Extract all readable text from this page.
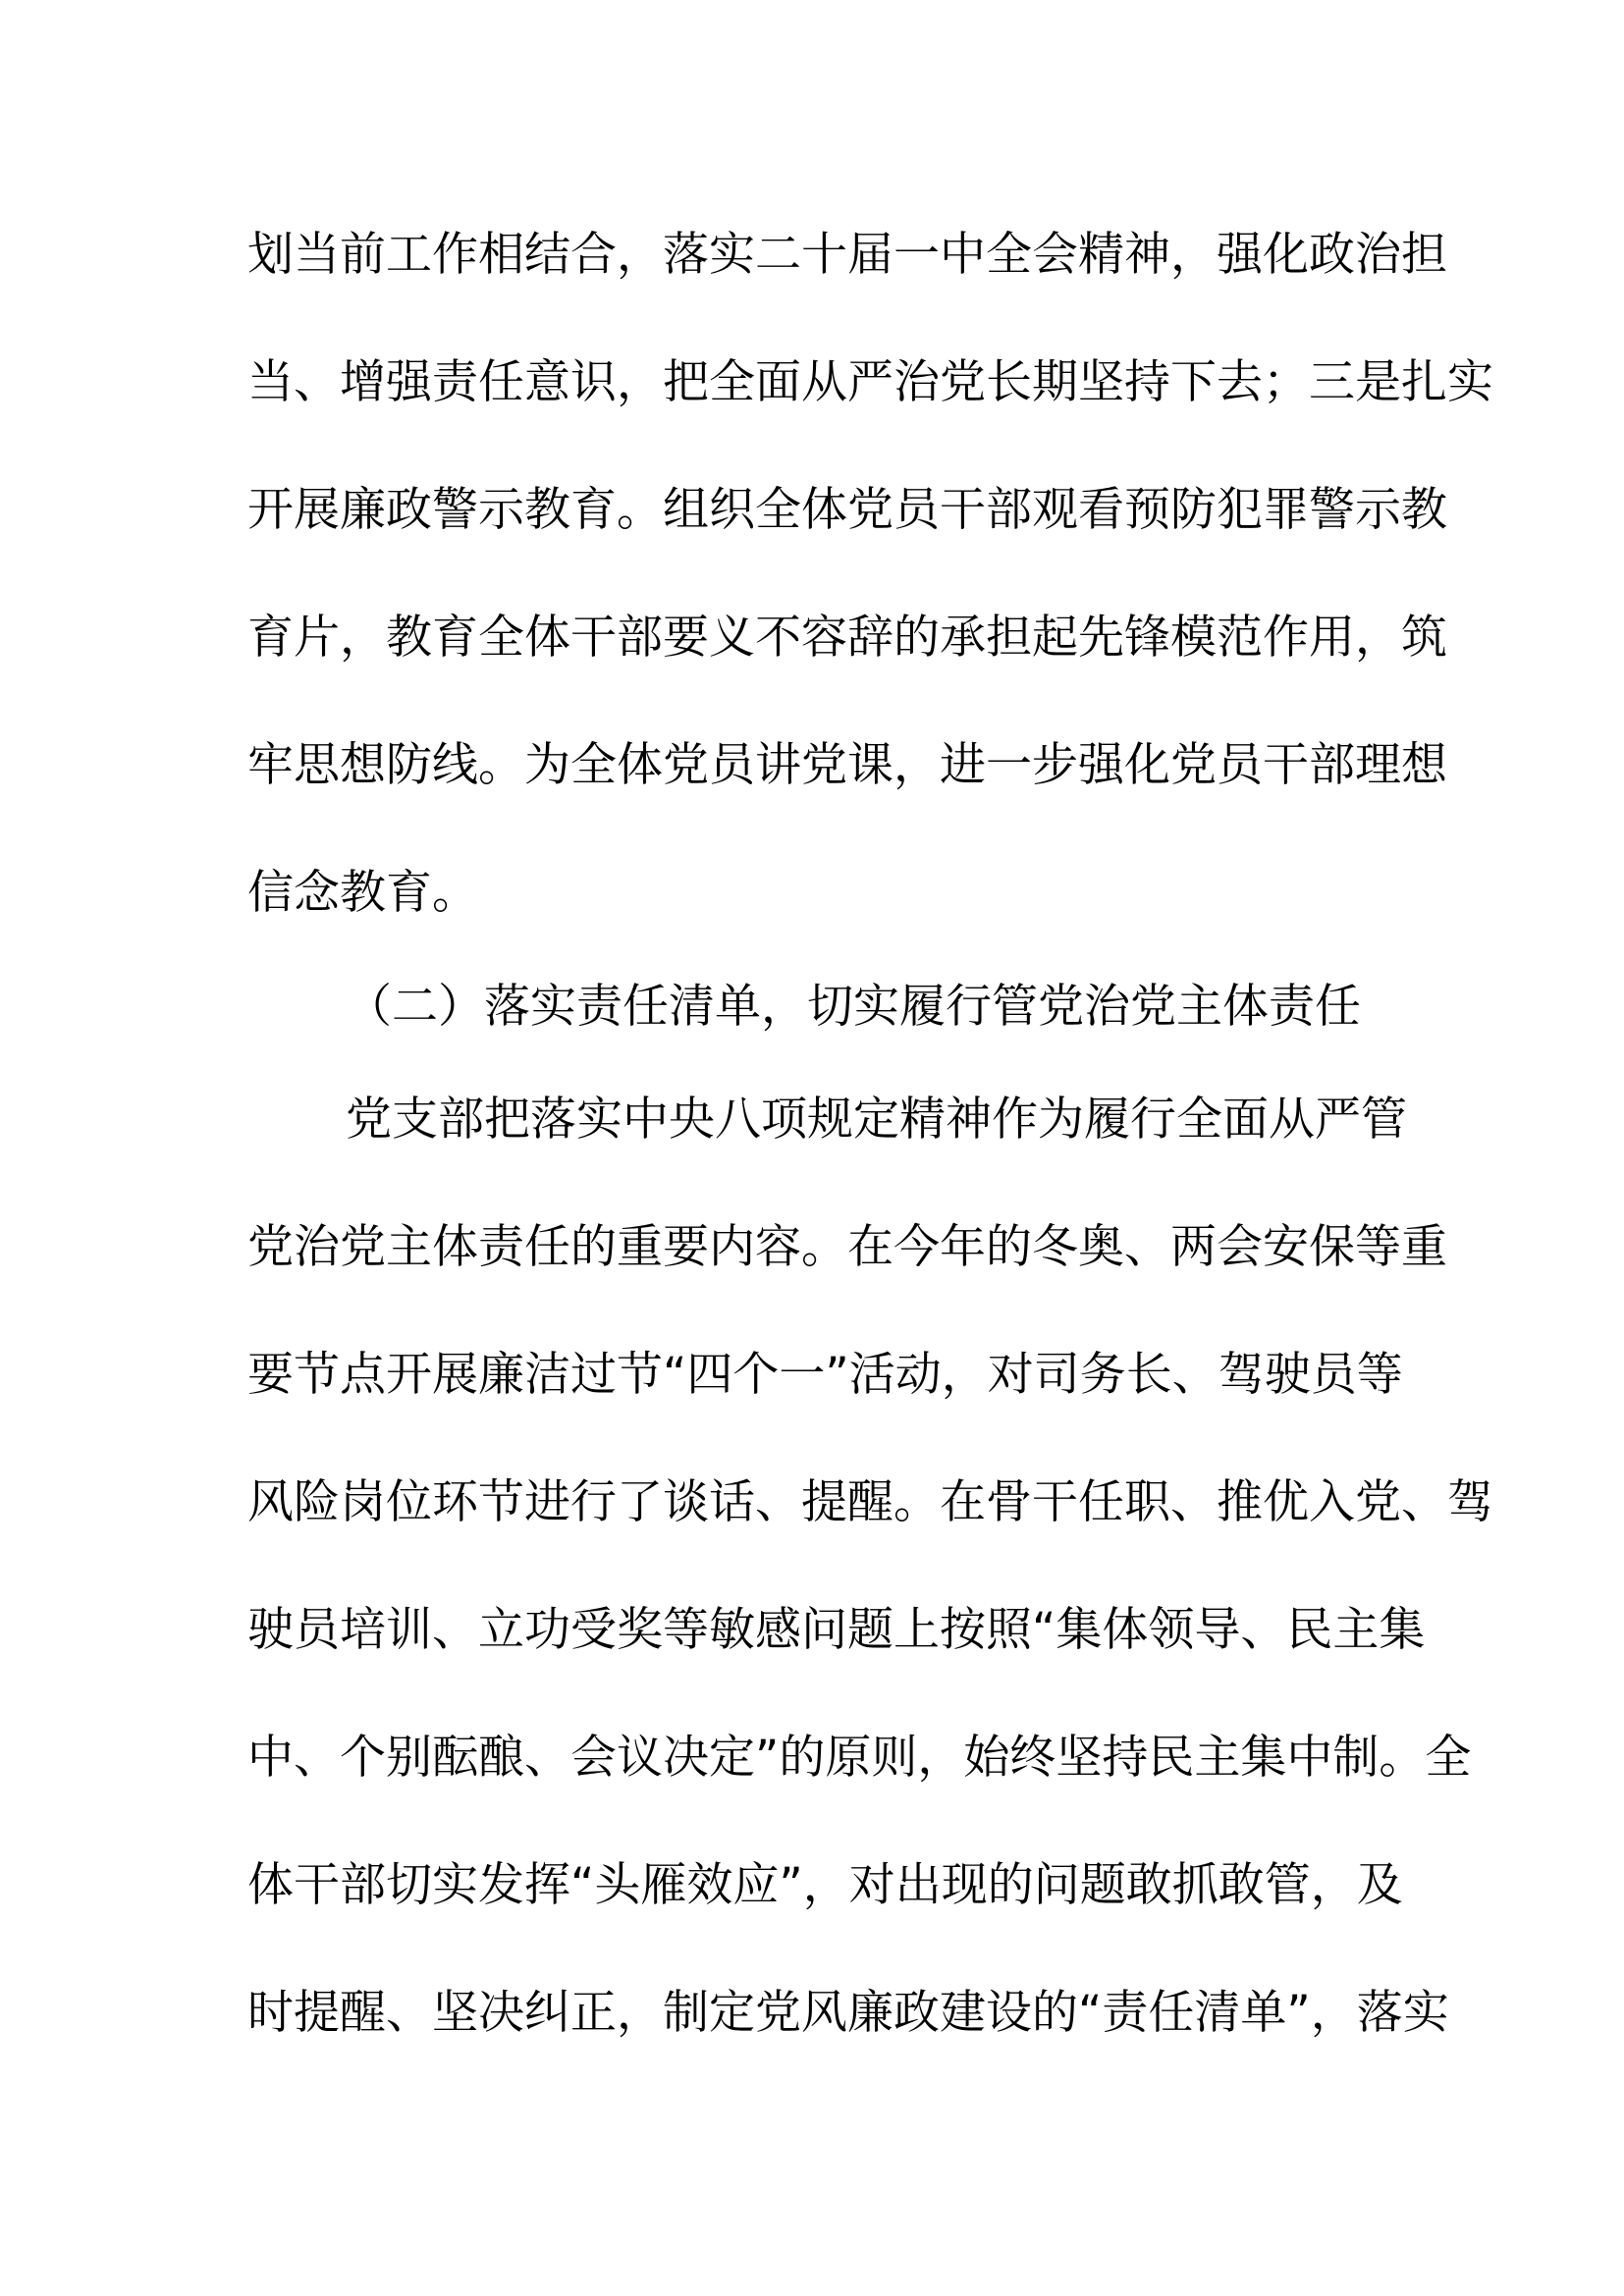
划当前工作相结合，落实二十届一中全会精神，强化政治担
当、增强责任意识，把全面从严治党长期坚持下去；三是扎实
开展廉政警示教育。组织全体党员干部观看预防犯罪警示教
育片，教育全体干部要义不容辞的承担起先锋模范作用，筑
牢思想防线。为全体党员讲党课，进一步强化党员干部理想
信念教育。
（二）落实责任清单，切实履行管党治党主体责任
党支部把落实中央八项规定精神作为履行全面从严管
党治党主体责任的重要内容。在今年的冬奥、两会安保等重
要节点开展廉洁过节“四个一”活动，对司务长、驾驶员等
风险岗位环节进行了谈话、提醒。在骨干任职、推优入党、驾
驶员培训、立功受奖等敏感问题上按照“集体领导、民主集
中、个别酝酿、会议决定”的原则，始终坚持民主集中制。全
体干部切实发挥“头雁效应”，对出现的问题敢抓敢管，及
时提醒、坚决纠正，制定党风廉政建设的“责任清单”，落实
